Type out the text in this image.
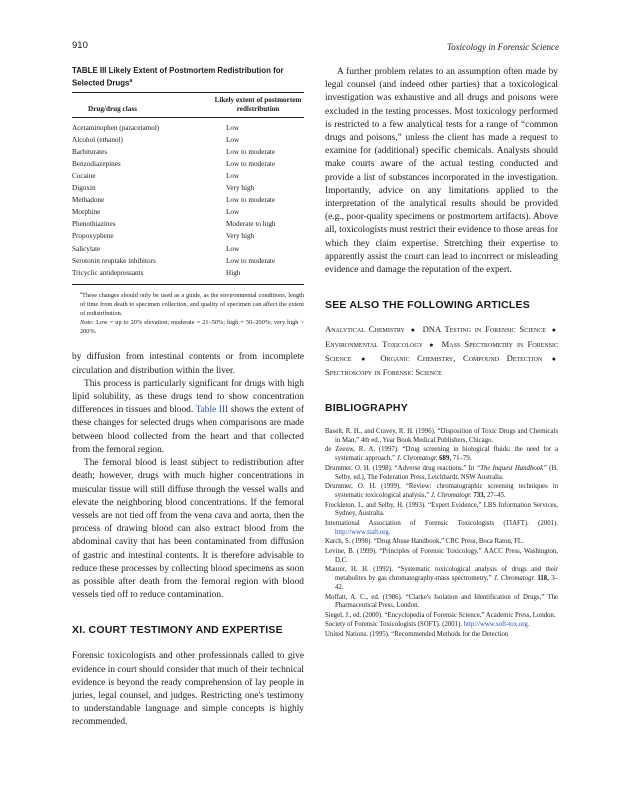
910	Toxicology in Forensic Science
TABLE III Likely Extent of Postmortem Redistribution for Selected Drugs$^a$
Drug/drug class
Likely extent of postmortem redistribution
Acetaminophen (paracetamol)	Low
Alcohol (ethanol)	Low
Barbiturates	Low to moderate
Benzodiazepines	Low to moderate
Cocaine	Low
Digoxin	Very high
Methadone	Low to moderate
Morphine	Low
Phenothiazines	Moderate to high
Propoxyphene	Very high
Salicylate	Low
Serotonin reuptake inhibitors	Low to moderate
Tricyclic antidepressants	High
$^a$These changes should only be used as a guide, as the environmental conditions, length of time from death to specimen collection, and quality of specimen can affect the extent of redistribution.
Note: Low = up to 20% elevation; moderate = 21–50%; high = 50–200%; very high > 200%.

by diffusion from intestinal contents or from incomplete circulation and distribution within the liver.

This process is particularly significant for drugs with high lipid solubility, as these drugs tend to show concentration differences in tissues and blood. Table III shows the extent of these changes for selected drugs when comparisons are made between blood collected from the heart and that collected from the femoral region.

The femoral blood is least subject to redistribution after death; however, drugs with much higher concentrations in muscular tissue will still diffuse through the vessel walls and elevate the neighboring blood concentrations. If the femoral vessels are not tied off from the vena cava and aorta, then the process of drawing blood can also extract blood from the abdominal cavity that has been contaminated from diffusion of gastric and intestinal contents. It is therefore advisable to reduce these processes by collecting blood specimens as soon as possible after death from the femoral region with blood vessels tied off to reduce contamination.

XI. COURT TESTIMONY AND EXPERTISE

Forensic toxicologists and other professionals called to give evidence in court should consider that much of their technical evidence is beyond the ready comprehension of lay people in juries, legal counsel, and judges. Restricting one's testimony to understandable language and simple concepts is highly recommended.

A further problem relates to an assumption often made by legal counsel (and indeed other parties) that a toxicological investigation was exhaustive and all drugs and poisons were excluded in the testing processes. Most toxicology performed is restricted to a few analytical tests for a range of “common drugs and poisons,” unless the client has made a request to examine for (additional) specific chemicals. Analysts should make courts aware of the actual testing conducted and provide a list of substances incorporated in the investigation. Importantly, advice on any limitations applied to the interpretation of the analytical results should be provided (e.g., poor-quality specimens or postmortem artifacts). Above all, toxicologists must restrict their evidence to those areas for which they claim expertise. Stretching their expertise to apparently assist the court can lead to incorrect or misleading evidence and damage the reputation of the expert.

SEE ALSO THE FOLLOWING ARTICLES
Analytical Chemistry ● DNA Testing in Forensic Science ● Environmental Toxicology ● Mass Spectrometry in Forensic Science ● Organic Chemistry, Compound Detection ● Spectroscopy in Forensic Science
BIBLIOGRAPHY
Baselt, R. H., and Cravey, R. H. (1996). “Disposition of Toxic Drugs and Chemicals in Man,” 4th ed., Year Book Medical Publishers, Chicago.
de Zeeuw, R. A. (1997). “Drug screening in biological fluids: the need for a systematic approach,” J. Chromatogr. 689, 71–79.
Drummer, O. H. (1998). “Adverse drug reactions.” In “The Inquest Handbook” (H. Selby, ed.), The Federation Press, Leichhardt, NSW Australia.
Drummer, O. H. (1999). “Review: chromatographic screening techniques in systematic toxicological analysis,” J. Chromatogr. 733, 27–45.
Freckleton, I., and Selby, H. (1993). “Expert Evidence,” LBS Information Services, Sydney, Australia.
International Association of Forensic Toxicologists (TIAFT). (2001). http://www.tiaft.org.
Karch, S. (1998). “Drug Abuse Handbook,” CRC Press, Boca Raton, FL.
Levine, B. (1999). “Principles of Forensic Toxicology,” AACC Press, Washington, D.C.
Maurer, H. H. (1992). “Systematic toxicological analysis of drugs and their metabolites by gas chromatography-mass spectrometry,” J. Chromatogr. 118, 3–42.
Moffatt, A. C., ed. (1986). “Clarke's Isolation and Identification of Drugs,” The Pharmaceutical Press, London.
Siegel, J., ed. (2000). “Encyclopedia of Forensic Science,” Academic Press, London.
Society of Forensic Toxicologists (SOFT). (2001). http://www.soft-tox.org.
United Nations. (1995). “Recommended Methods for the Detection
